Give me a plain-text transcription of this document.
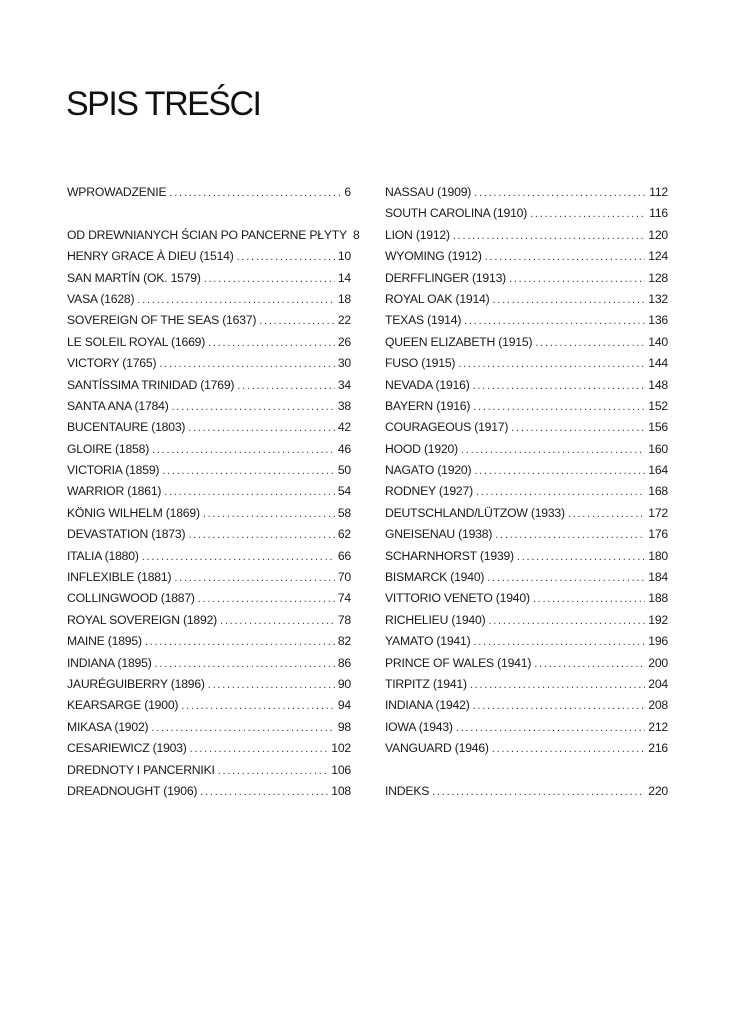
SPIS TREŚCI
WPROWADZENIE . . .	6
OD DREWNIANYCH ŚCIAN PO PANCERNE PŁYTY 8
HENRY GRACE À DIEU (1514) . . .	10
SAN MARTÍN (OK. 1579) . . .	14
VASA (1628) . . .	18
SOVEREIGN OF THE SEAS (1637) . . .	22
LE SOLEIL ROYAL (1669) . . .	26
VICTORY (1765) . . .	30
SANTÍSSIMA TRINIDAD (1769) . . .	34
SANTA ANA (1784) . . .	38
BUCENTAURE (1803) . . .	42
GLOIRE (1858) . . .	46
VICTORIA (1859) . . .	50
WARRIOR (1861) . . .	54
KÖNIG WILHELM (1869) . . .	58
DEVASTATION (1873) . . .	62
ITALIA (1880) . . .	66
INFLEXIBLE (1881) . . .	70
COLLINGWOOD (1887) . . .	74
ROYAL SOVEREIGN (1892) . . .	78
MAINE (1895) . . .	82
INDIANA (1895) . . .	86
JAURÉGUIBERRY (1896) . . .	90
KEARSARGE (1900) . . .	94
MIKASA (1902) . . .	98
CESARIEWICZ (1903) . . .	102
DREDNOTY I PANCERNIKI . . .	106
DREADNOUGHT (1906) . . .	108
NASSAU (1909) . . .	112
SOUTH CAROLINA (1910) . . .	116
LION (1912) . . .	120
WYOMING (1912) . . .	124
DERFFLINGER (1913) . . .	128
ROYAL OAK (1914) . . .	132
TEXAS (1914) . . .	136
QUEEN ELIZABETH (1915) . . .	140
FUSO (1915) . . .	144
NEVADA (1916) . . .	148
BAYERN (1916) . . .	152
COURAGEOUS (1917) . . .	156
HOOD (1920) . . .	160
NAGATO (1920) . . .	164
RODNEY (1927) . . .	168
DEUTSCHLAND/LÜTZOW (1933) . . .	172
GNEISENAU (1938) . . .	176
SCHARNHORST (1939) . . .	180
BISMARCK (1940) . . .	184
VITTORIO VENETO (1940) . . .	188
RICHELIEU (1940) . . .	192
YAMATO (1941) . . .	196
PRINCE OF WALES (1941) . . .	200
TIRPITZ (1941) . . .	204
INDIANA (1942) . . .	208
IOWA (1943) . . .	212
VANGUARD (1946) . . .	216
INDEKS . . .	220
